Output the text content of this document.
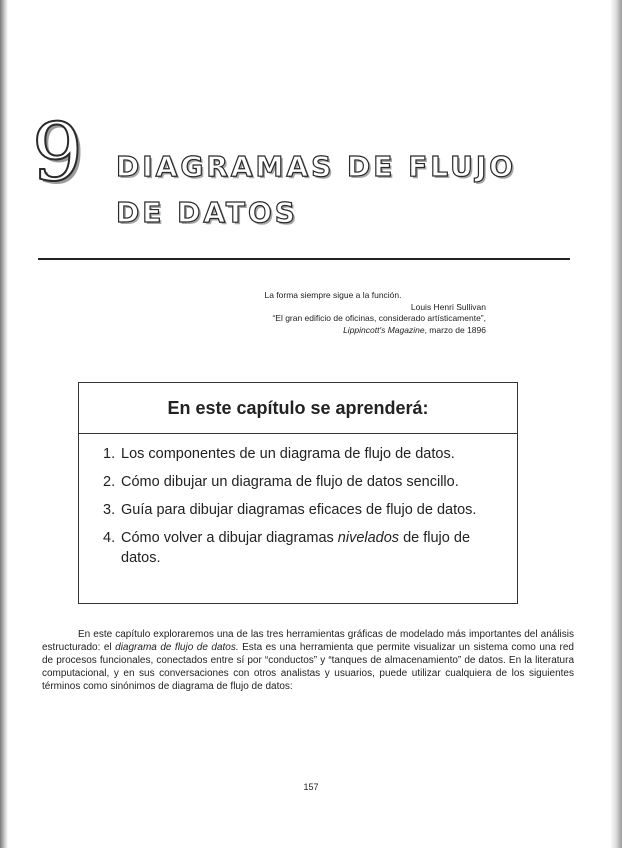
9	DIAGRAMAS DE FLUJO
DE DATOS
La forma siempre sigue a la función.
Louis Henri Sullivan
“El gran edificio de oficinas, considerado artísticamente”,
Lippincott's Magazine, marzo de 1896
En este capítulo se aprenderá:
1. Los componentes de un diagrama de flujo de datos.
2. Cómo dibujar un diagrama de flujo de datos sencillo.
3. Guía para dibujar diagramas eficaces de flujo de datos.
4. Cómo volver a dibujar diagramas nivelados de flujo de datos.

En este capítulo exploraremos una de las tres herramientas gráficas de modelado más importantes del análisis estructurado: el diagrama de flujo de datos. Esta es una herramienta que permite visualizar un sistema como una red de procesos funcionales, conectados entre sí por “conductos” y “tanques de almacenamiento” de datos. En la literatura computacional, y en sus conversaciones con otros analistas y usuarios, puede utilizar cualquiera de los siguientes términos como sinónimos de diagrama de flujo de datos:

157
